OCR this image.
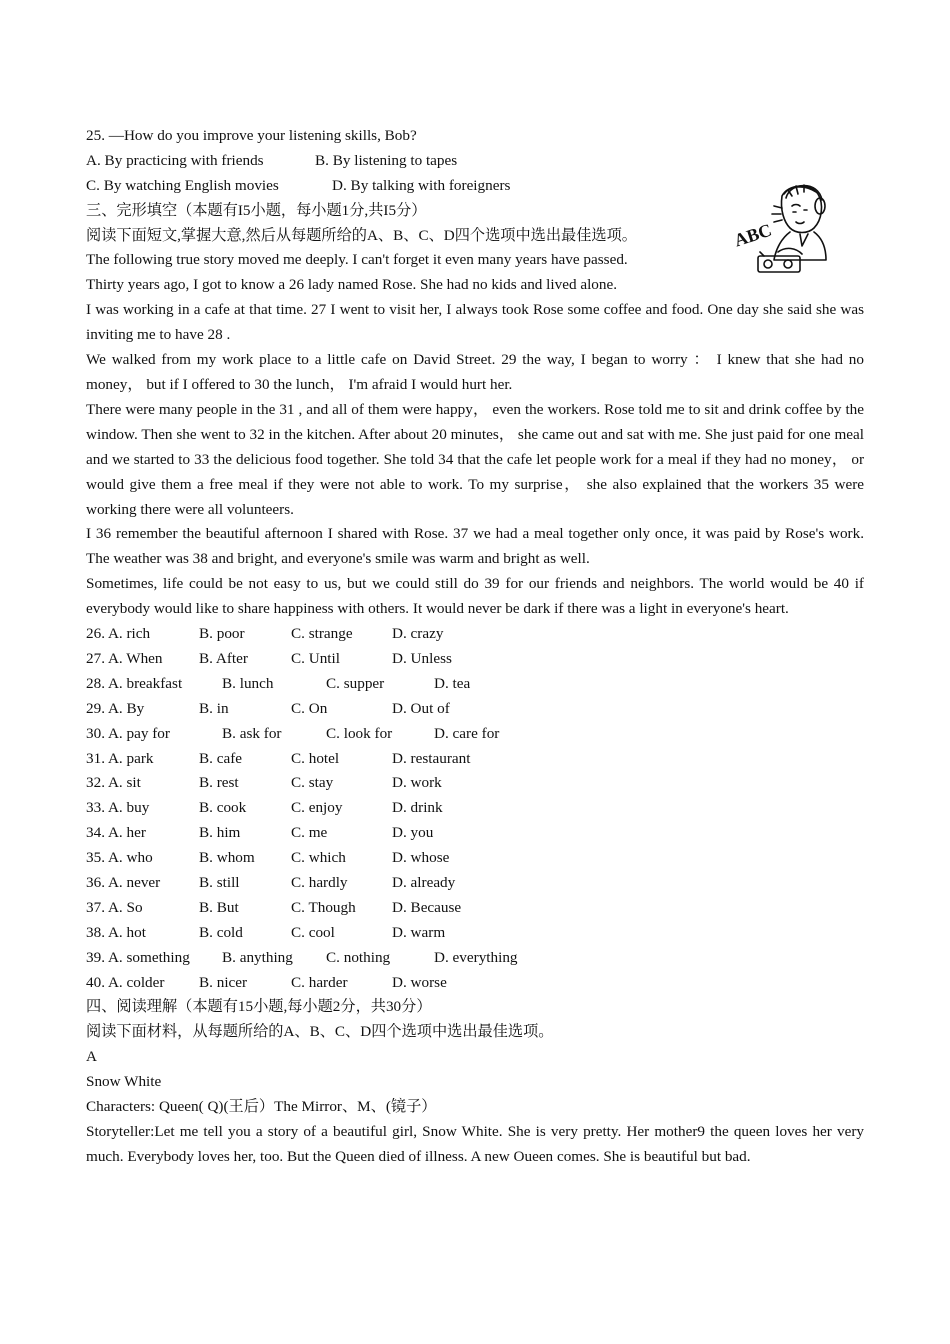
25. —How do you improve your listening skills, Bob?
A. By practicing with friends	B. By listening to tapes
C. By watching English movies	D. By talking with foreigners
三、完形填空（本题有I5小题，每小题1分,共I5分）
阅读下面短文,掌握大意,然后从每题所给的A、B、C、D四个选项中选出最佳选项。
The following true story moved me deeply. I can't forget it even many years have passed.
Thirty years ago, I got to know a 26 lady named Rose. She had no kids and lived alone.
I was working in a cafe at that time. 27 I went to visit her, I always took Rose some coffee and food. One day she said she was inviting me to have 28 .
We walked from my work place to a little cafe on David Street. 29 the way, I began to worry ： I knew that she had no money， but if I offered to 30 the lunch， I'm afraid I would hurt her.
There were many people in the 31 , and all of them were happy， even the workers. Rose told me to sit and drink coffee by the window. Then she went to 32 in the kitchen. After about 20 minutes， she came out and sat with me. She just paid for one meal and we started to 33 the delicious food together. She told 34 that the cafe let people work for a meal if they had no money， or would give them a free meal if they were not able to work. To my surprise， she also explained that the workers 35 were working there were all volunteers.
I 36 remember the beautiful afternoon I shared with Rose. 37 we had a meal together only once, it was paid by Rose's work. The weather was 38 and bright, and everyone's smile was warm and bright as well.
Sometimes, life could be not easy to us, but we could still do 39 for our friends and neighbors. The world would be 40 if everybody would like to share happiness with others. It would never be dark if there was a light in everyone's heart.
26. A. rich	B. poor	C. strange	D. crazy
27. A. When B. After	C. Until	D. Unless
28. A. breakfast	B. lunch	C. supper	D. tea
29. A. By	B. in	C. On	D. Out of
30. A. pay for	B. ask for	C. look for	D. care for
31. A. park	B. cafe	C. hotel	D. restaurant
32. A. sit	B. rest	C. stay	D. work
33. A. buy	B. cook	C. enjoy	D. drink
34. A. her	B. him	C. me	D. you
35. A. who	B. whom C. which	D. whose
36. A. never	B. still	C. hardly	D. already
37. A. So	B. But	C. Though D. Because
38. A. hot	B. cold	C. cool	D. warm
39. A. something B. anything C. nothing	D. everything
40. A. colder B. nicer	C. harder	D. worse
四、阅读理解（本题有15小题,每小题2分，共30分）
阅读下面材料，从每题所给的A、B、C、D四个选项中选出最佳选项。
A
Snow White
Characters: Queen( Q)(王后）The Mirror、M、(镜子）
Storyteller:Let me tell you a story of a beautiful girl, Snow White. She is very pretty. Her mother9 the queen loves her very much. Everybody loves her, too. But the Queen died of illness. A new Oueen comes. She is beautiful but bad.
ABC
